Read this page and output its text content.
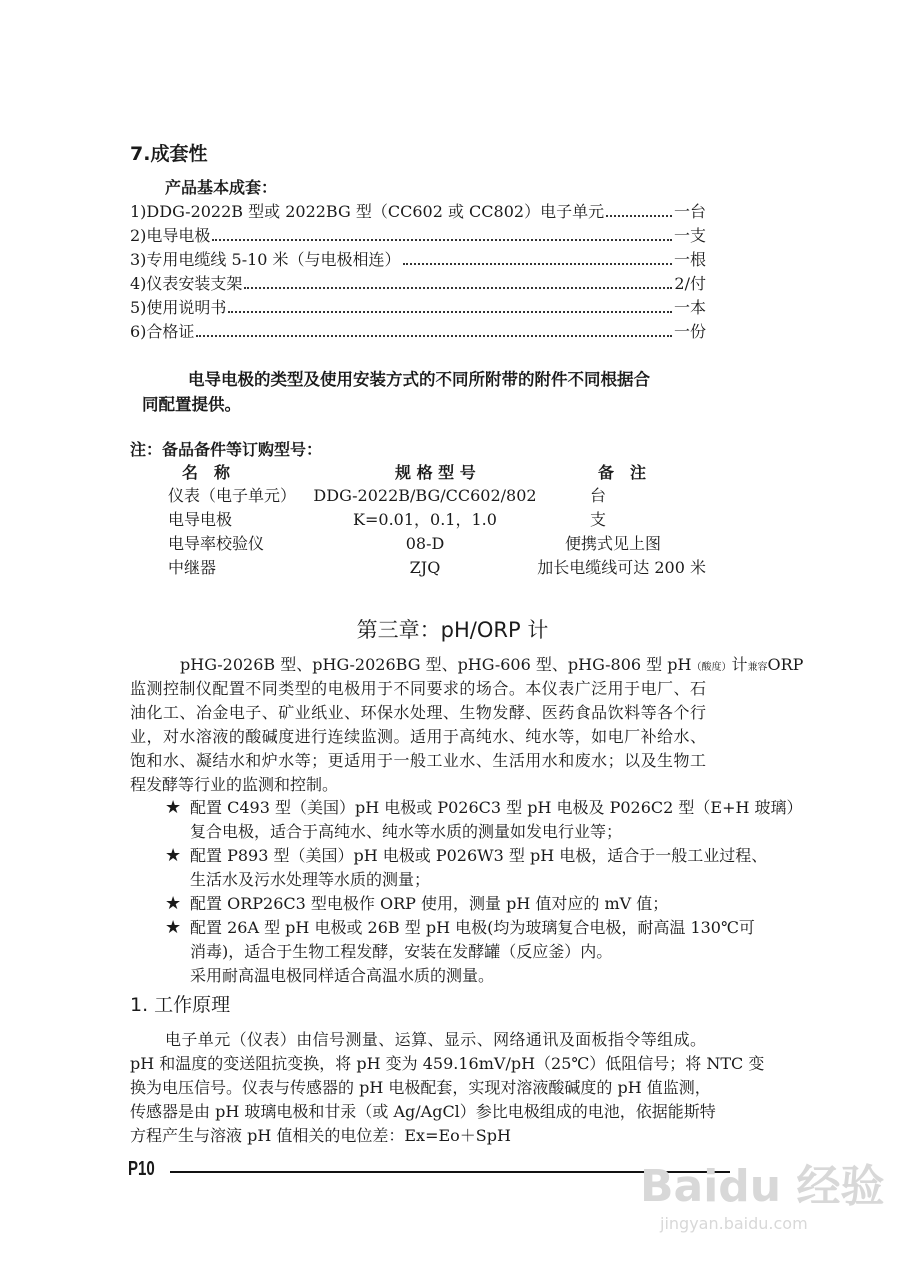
7.成套性
产品基本成套：
1)DDG-2022B 型或 2022BG 型（CC602 或 CC802）电子单元	一台
2)电导电极	一支
3)专用电缆线 5-10 米（与电极相连）	一根
4)仪表安装支架	2/付
5)使用说明书	一本
6)合格证	一份
电导电极的类型及使用安装方式的不同所附带的附件不同根据合
同配置提供。
注：备品备件等订购型号：
名　称	规 格 型 号	备　注
仪表（电子单元）	DDG-2022B/BG/CC602/802	台
电导电极	K=0.01，0.1，1.0	支
电导率校验仪	08-D	便携式见上图
中继器	ZJQ	加长电缆线可达 200 米
第三章：pH/ORP 计
pHG-2026B 型、pHG-2026BG 型、pHG-606 型、pHG-806 型 pH（酸度）计兼容ORP
监测控制仪配置不同类型的电极用于不同要求的场合。本仪表广泛用于电厂、石
油化工、冶金电子、矿业纸业、环保水处理、生物发酵、医药食品饮料等各个行
业，对水溶液的酸碱度进行连续监测。适用于高纯水、纯水等，如电厂补给水、
饱和水、凝结水和炉水等；更适用于一般工业水、生活用水和废水；以及生物工
程发酵等行业的监测和控制。
★ 配置 C493 型（美国）pH 电极或 P026C3 型 pH 电极及 P026C2 型（E+H 玻璃）
复合电极，适合于高纯水、纯水等水质的测量如发电行业等；
★ 配置 P893 型（美国）pH 电极或 P026W3 型 pH 电极，适合于一般工业过程、
生活水及污水处理等水质的测量；
★ 配置 ORP26C3 型电极作 ORP 使用，测量 pH 值对应的 mV 值；
★ 配置 26A 型 pH 电极或 26B 型 pH 电极(均为玻璃复合电极，耐高温 130℃可
消毒)，适合于生物工程发酵，安装在发酵罐（反应釜）内。
采用耐高温电极同样适合高温水质的测量。
1. 工作原理
电子单元（仪表）由信号测量、运算、显示、网络通讯及面板指令等组成。
pH 和温度的变送阻抗变换，将 pH 变为 459.16mV/pH（25℃）低阻信号；将 NTC 变
换为电压信号。仪表与传感器的 pH 电极配套，实现对溶液酸碱度的 pH 值监测，
传感器是由 pH 玻璃电极和甘汞（或 Ag/AgCl）参比电极组成的电池，依据能斯特
方程产生与溶液 pH 值相关的电位差：Ex=Eo＋SpH
P10	Baidu 经验
jingyan.baidu.com
